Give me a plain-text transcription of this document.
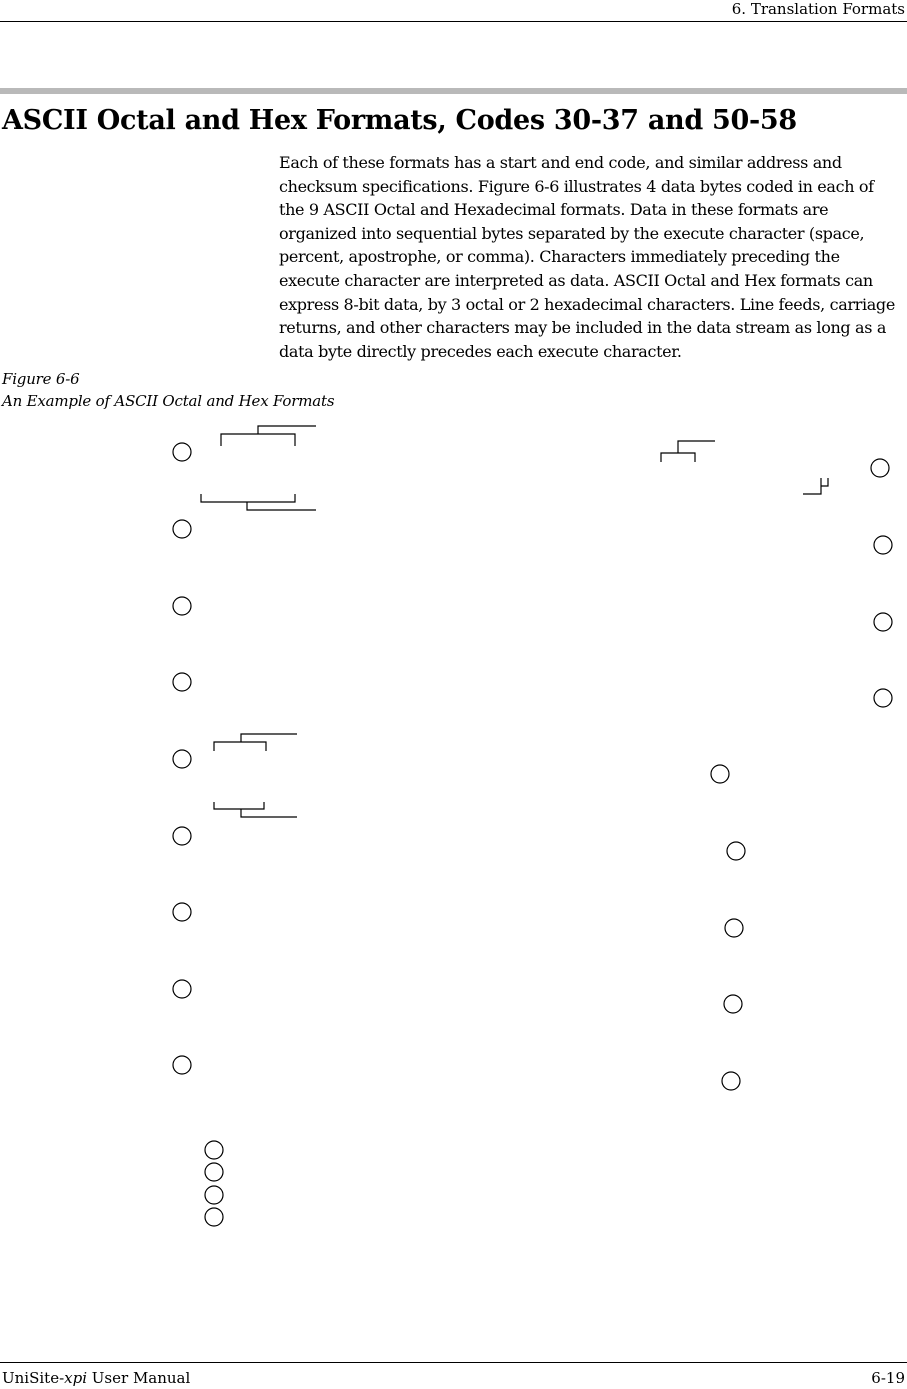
6. Translation Formats
ASCII Octal and Hex Formats, Codes 30-37 and 50-58

Each of these formats has a start and end code, and similar address and checksum specifications. Figure 6-6 illustrates 4 data bytes coded in each of the 9 ASCII Octal and Hexadecimal formats. Data in these formats are organized into sequential bytes separated by the execute character (space, percent, apostrophe, or comma). Characters immediately preceding the execute character are interpreted as data. ASCII Octal and Hex formats can express 8-bit data, by 3 octal or 2 hexadecimal characters. Line feeds, carriage returns, and other characters may be included in the data stream as long as a data byte directly precedes each execute character.

Figure 6-6
An Example of ASCII Octal and Hex Formats
UniSite-xpi User Manual	6-19
